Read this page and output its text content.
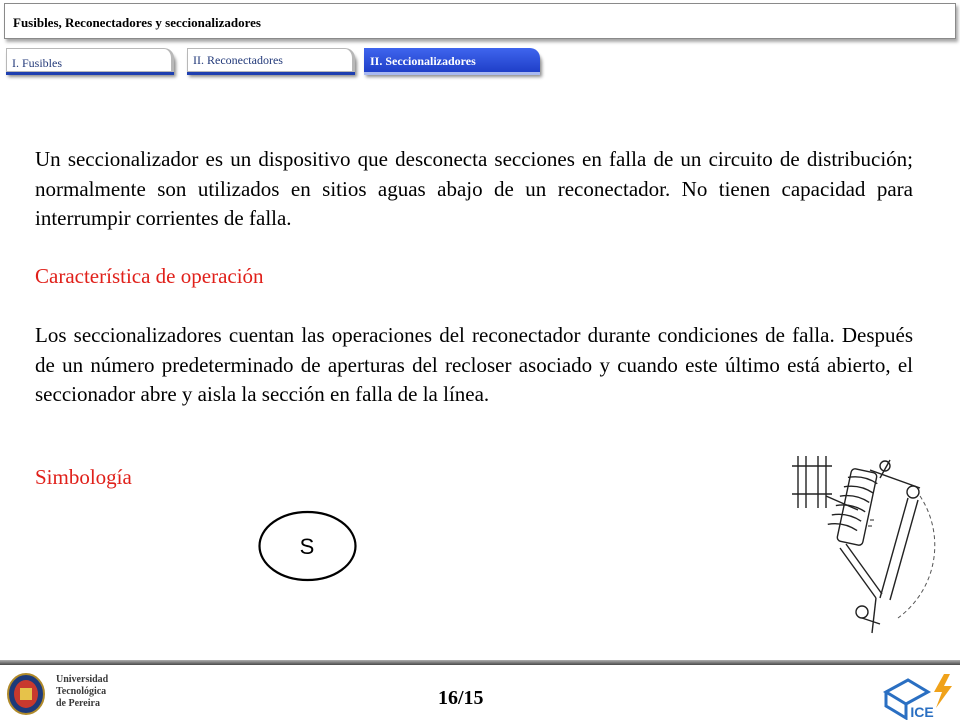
Fusibles, Reconectadores y seccionalizadores
I. Fusibles	II. Reconectadores	II. Seccionalizadores

Un seccionalizador es un dispositivo que desconecta secciones en falla de un circuito de distribución; normalmente son utilizados en sitios aguas abajo de un reconectador. No tienen capacidad para interrumpir corrientes de falla.

Característica de operación

Los seccionalizadores cuentan las operaciones del reconectador durante condiciones de falla. Después de un número predeterminado de aperturas del recloser asociado y cuando este último está abierto, el seccionador abre y aisla la sección en falla de la línea.

Simbología
S
Universidad
Tecnológica
de Pereira	16/15
ICE
